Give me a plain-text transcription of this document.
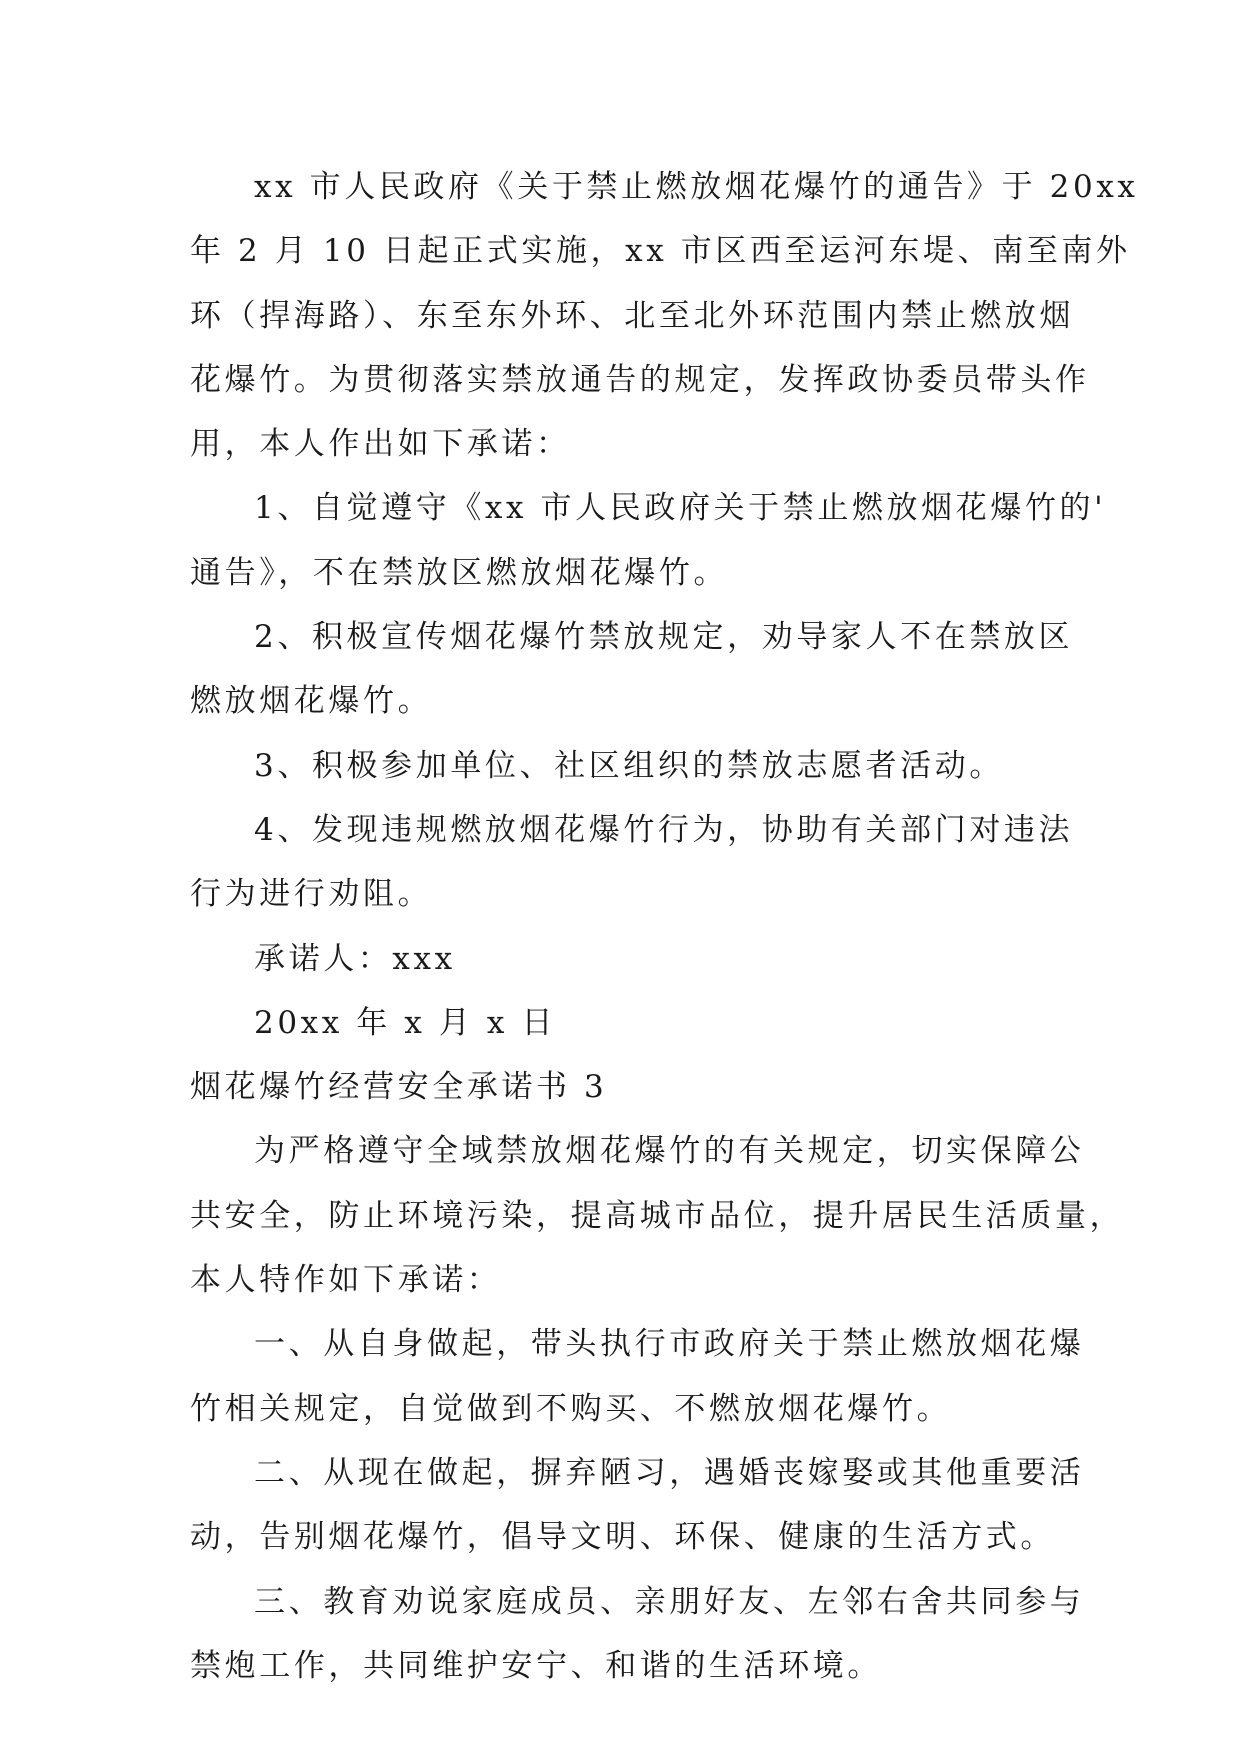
xx 市人民政府《关于禁止燃放烟花爆竹的通告》于 20xx
年 2 月 10 日起正式实施，xx 市区西至运河东堤、南至南外
环（捍海路）、东至东外环、北至北外环范围内禁止燃放烟
花爆竹。为贯彻落实禁放通告的规定，发挥政协委员带头作
用，本人作出如下承诺：
1、自觉遵守《xx 市人民政府关于禁止燃放烟花爆竹的'
通告》，不在禁放区燃放烟花爆竹。
2、积极宣传烟花爆竹禁放规定，劝导家人不在禁放区
燃放烟花爆竹。
3、积极参加单位、社区组织的禁放志愿者活动。
4、发现违规燃放烟花爆竹行为，协助有关部门对违法
行为进行劝阻。
承诺人：xxx
20xx 年 x 月 x 日
烟花爆竹经营安全承诺书 3
为严格遵守全域禁放烟花爆竹的有关规定，切实保障公
共安全，防止环境污染，提高城市品位，提升居民生活质量，
本人特作如下承诺：
一、从自身做起，带头执行市政府关于禁止燃放烟花爆
竹相关规定，自觉做到不购买、不燃放烟花爆竹。
二、从现在做起，摒弃陋习，遇婚丧嫁娶或其他重要活
动，告别烟花爆竹，倡导文明、环保、健康的生活方式。
三、教育劝说家庭成员、亲朋好友、左邻右舍共同参与
禁炮工作，共同维护安宁、和谐的生活环境。
